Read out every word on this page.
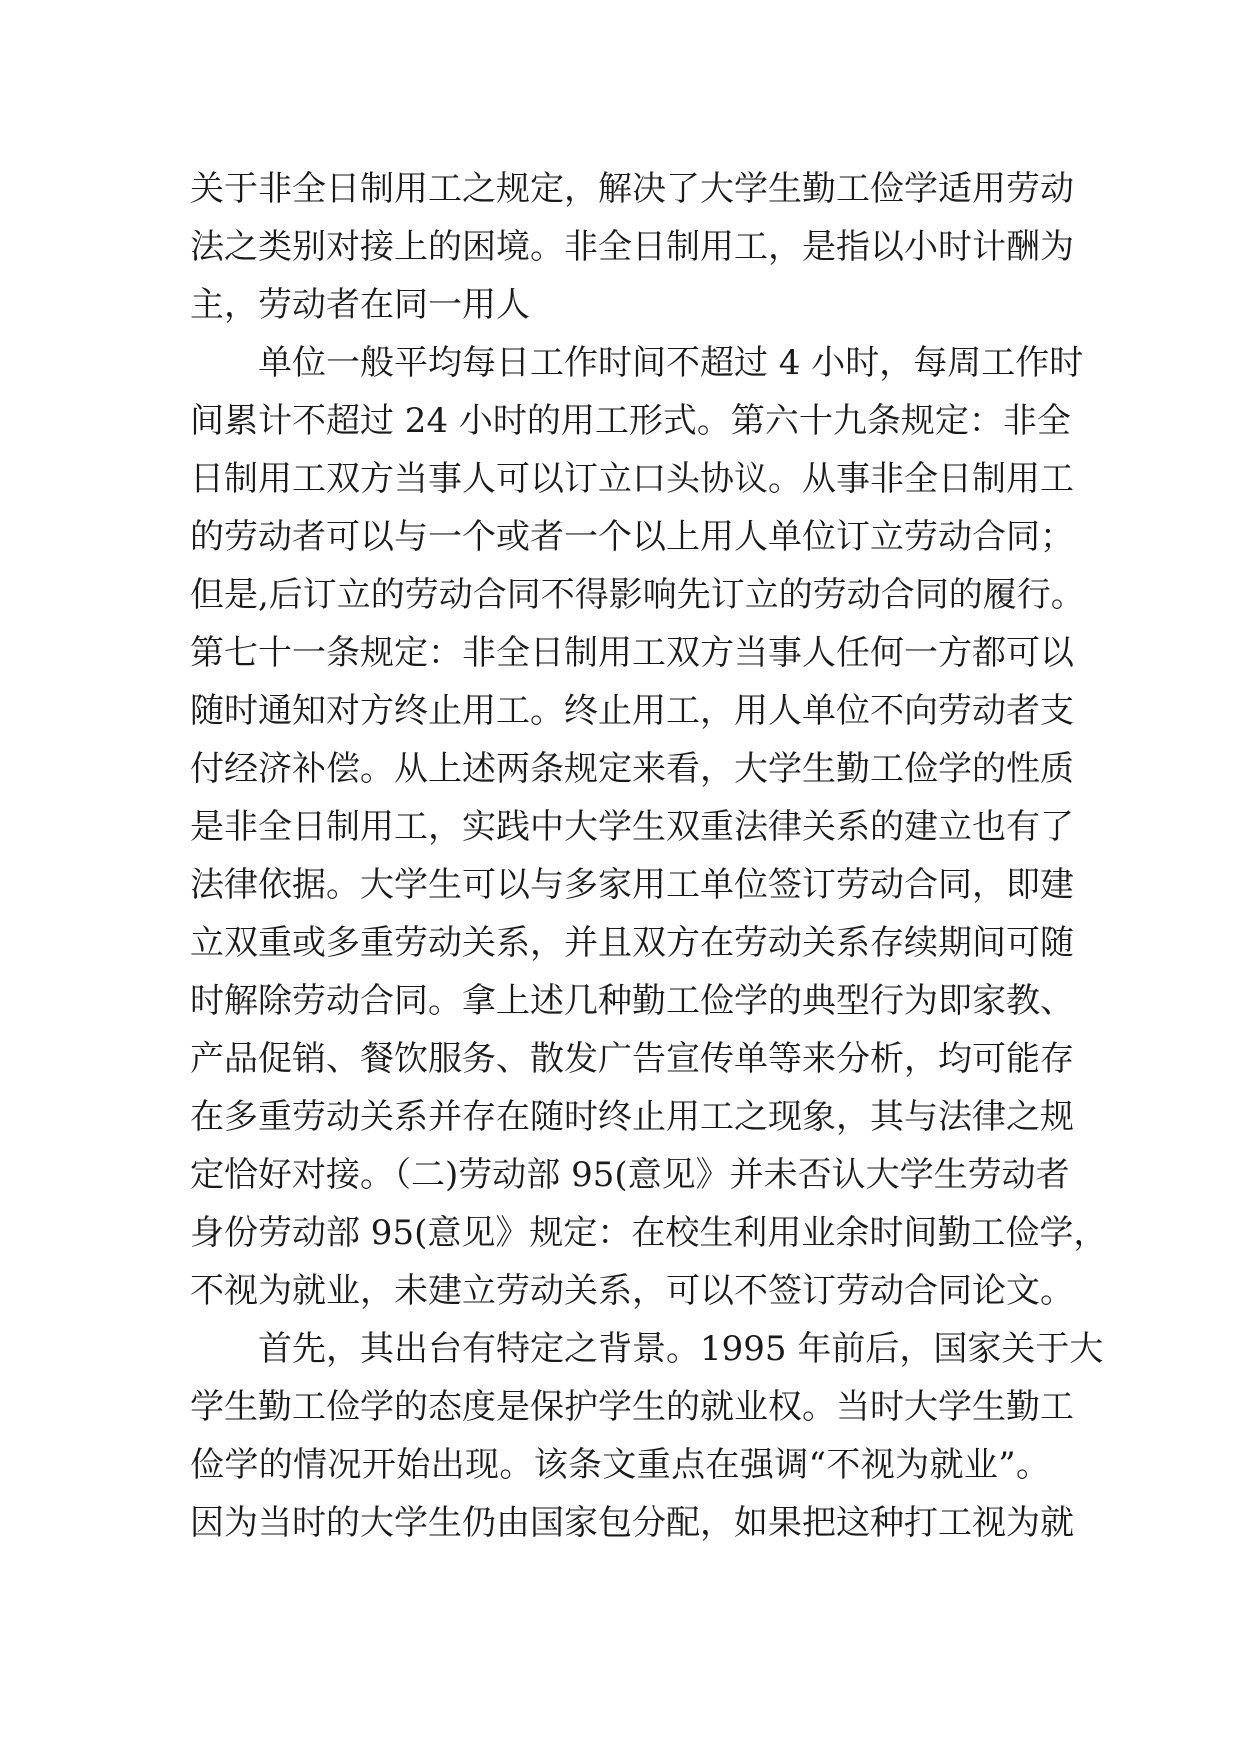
关于非全日制用工之规定，解决了大学生勤工俭学适用劳动
法之类别对接上的困境。非全日制用工，是指以小时计酬为
主，劳动者在同一用人
单位一般平均每日工作时间不超过 4 小时，每周工作时
间累计不超过 24 小时的用工形式。第六十九条规定：非全
日制用工双方当事人可以订立口头协议。从事非全日制用工
的劳动者可以与一个或者一个以上用人单位订立劳动合同；
但是,后订立的劳动合同不得影响先订立的劳动合同的履行。
第七十一条规定：非全日制用工双方当事人任何一方都可以
随时通知对方终止用工。终止用工，用人单位不向劳动者支
付经济补偿。从上述两条规定来看，大学生勤工俭学的性质
是非全日制用工，实践中大学生双重法律关系的建立也有了
法律依据。大学生可以与多家用工单位签订劳动合同，即建
立双重或多重劳动关系，并且双方在劳动关系存续期间可随
时解除劳动合同。拿上述几种勤工俭学的典型行为即家教、
产品促销、餐饮服务、散发广告宣传单等来分析，均可能存
在多重劳动关系并存在随时终止用工之现象，其与法律之规
定恰好对接。（二)劳动部 95(意见》并未否认大学生劳动者
身份劳动部 95(意见》规定：在校生利用业余时间勤工俭学，
不视为就业，未建立劳动关系，可以不签订劳动合同论文。
首先，其出台有特定之背景。1995 年前后，国家关于大
学生勤工俭学的态度是保护学生的就业权。当时大学生勤工
俭学的情况开始出现。该条文重点在强调“不视为就业”。
因为当时的大学生仍由国家包分配，如果把这种打工视为就
